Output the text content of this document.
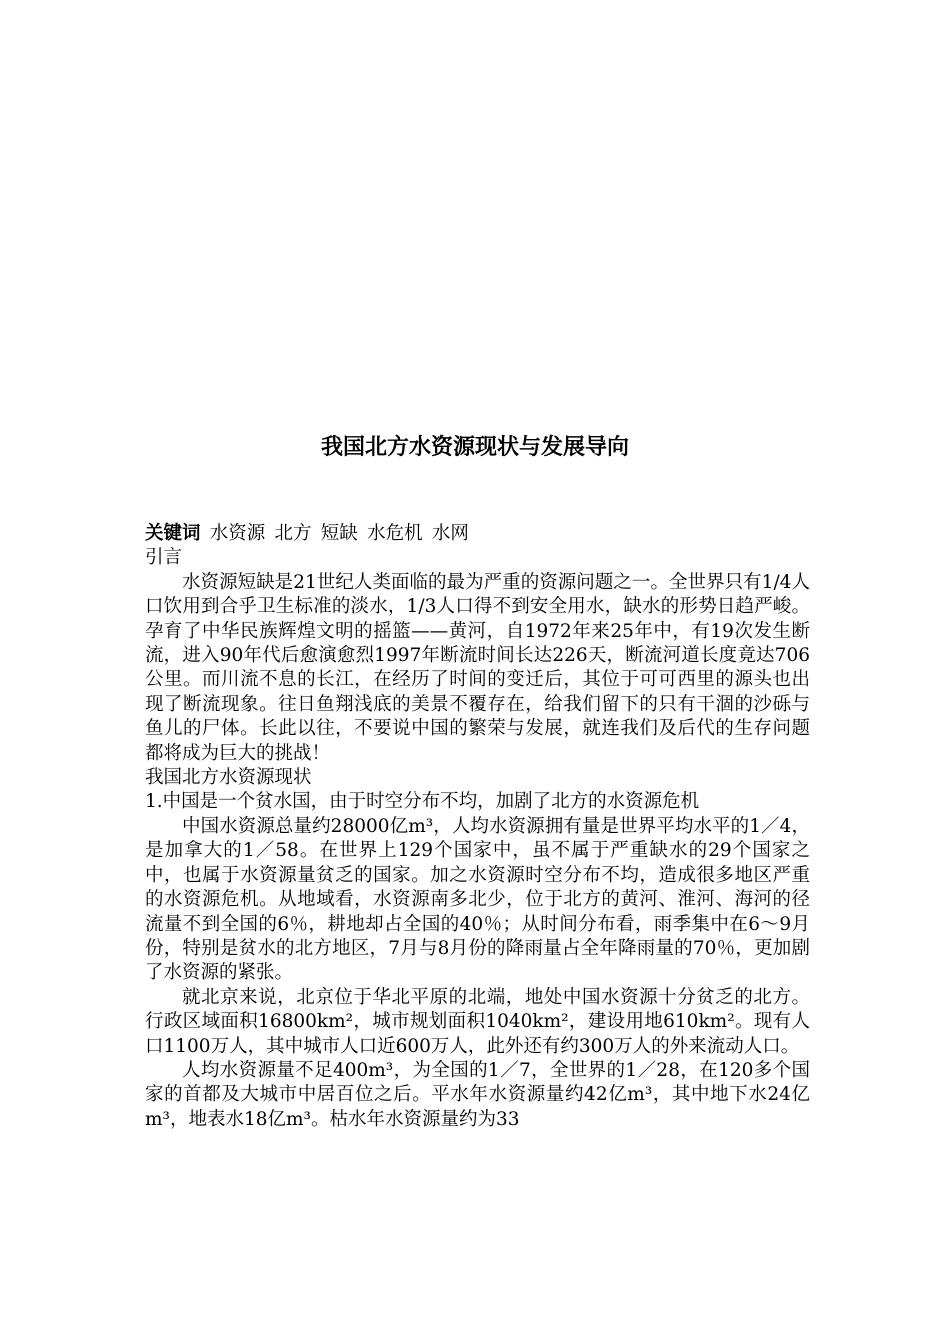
我国北方水资源现状与发展导向

关键词 水资源 北方 短缺 水危机 水网

引言

水资源短缺是21世纪人类面临的最为严重的资源问题之一。全世界只有1/4人口饮用到合乎卫生标准的淡水，1/3人口得不到安全用水，缺水的形势日趋严峻。孕育了中华民族辉煌文明的摇篮——黄河，自1972年来25年中，有19次发生断流，进入90年代后愈演愈烈1997年断流时间长达226天，断流河道长度竟达706公里。而川流不息的长江，在经历了时间的变迁后，其位于可可西里的源头也出现了断流现象。往日鱼翔浅底的美景不覆存在，给我们留下的只有干涸的沙砾与鱼儿的尸体。长此以往，不要说中国的繁荣与发展，就连我们及后代的生存问题都将成为巨大的挑战！

我国北方水资源现状

1.中国是一个贫水国，由于时空分布不均，加剧了北方的水资源危机

中国水资源总量约28000亿m³，人均水资源拥有量是世界平均水平的1／4，是加拿大的1／58。在世界上129个国家中，虽不属于严重缺水的29个国家之中，也属于水资源量贫乏的国家。加之水资源时空分布不均，造成很多地区严重的水资源危机。从地域看，水资源南多北少，位于北方的黄河、淮河、海河的径流量不到全国的6％，耕地却占全国的40％；从时间分布看，雨季集中在6～9月份，特别是贫水的北方地区，7月与8月份的降雨量占全年降雨量的70％，更加剧了水资源的紧张。

就北京来说，北京位于华北平原的北端，地处中国水资源十分贫乏的北方。行政区域面积16800km²，城市规划面积1040km²，建设用地610km²。现有人口1100万人，其中城市人口近600万人，此外还有约300万人的外来流动人口。

人均水资源量不足400m³，为全国的1／7，全世界的1／28，在120多个国家的首都及大城市中居百位之后。平水年水资源量约42亿m³，其中地下水24亿m³，地表水18亿m³。枯水年水资源量约为33
